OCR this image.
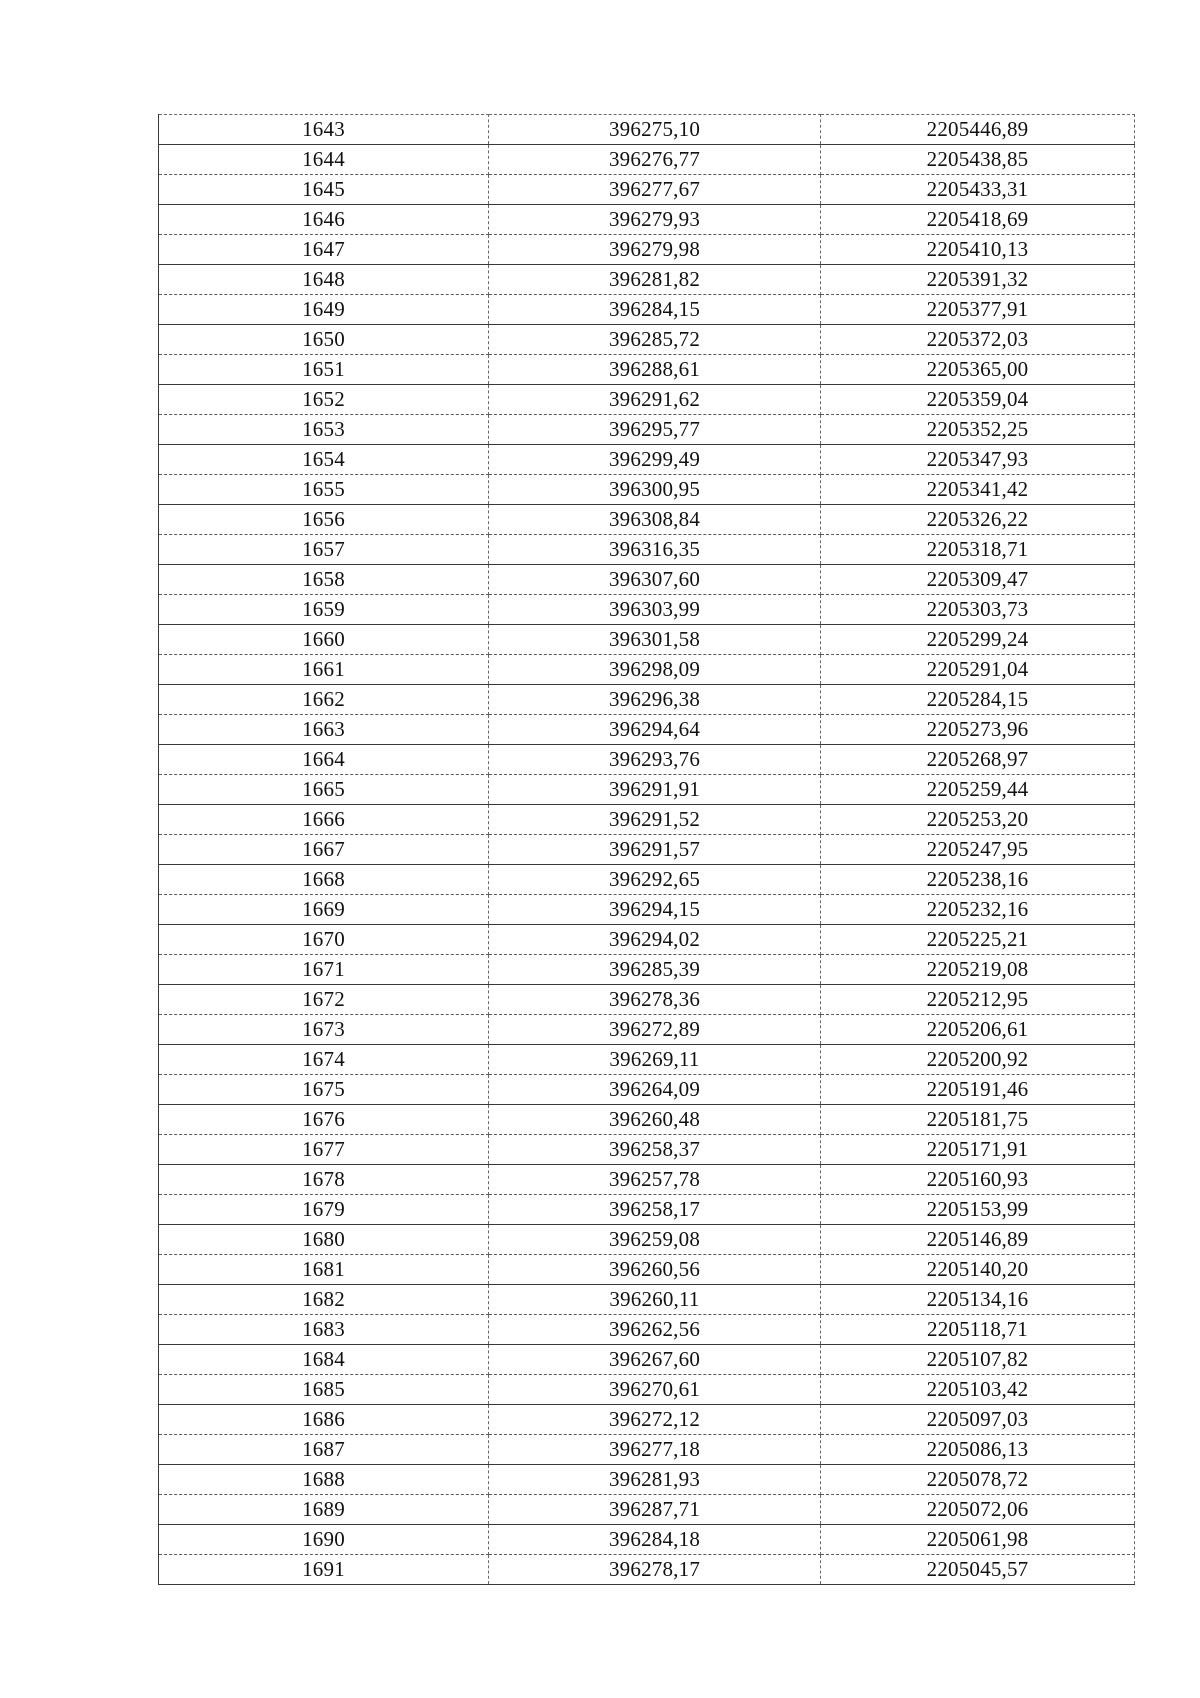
1643	396275,10	2205446,89
1644	396276,77	2205438,85
1645	396277,67	2205433,31
1646	396279,93	2205418,69
1647	396279,98	2205410,13
1648	396281,82	2205391,32
1649	396284,15	2205377,91
1650	396285,72	2205372,03
1651	396288,61	2205365,00
1652	396291,62	2205359,04
1653	396295,77	2205352,25
1654	396299,49	2205347,93
1655	396300,95	2205341,42
1656	396308,84	2205326,22
1657	396316,35	2205318,71
1658	396307,60	2205309,47
1659	396303,99	2205303,73
1660	396301,58	2205299,24
1661	396298,09	2205291,04
1662	396296,38	2205284,15
1663	396294,64	2205273,96
1664	396293,76	2205268,97
1665	396291,91	2205259,44
1666	396291,52	2205253,20
1667	396291,57	2205247,95
1668	396292,65	2205238,16
1669	396294,15	2205232,16
1670	396294,02	2205225,21
1671	396285,39	2205219,08
1672	396278,36	2205212,95
1673	396272,89	2205206,61
1674	396269,11	2205200,92
1675	396264,09	2205191,46
1676	396260,48	2205181,75
1677	396258,37	2205171,91
1678	396257,78	2205160,93
1679	396258,17	2205153,99
1680	396259,08	2205146,89
1681	396260,56	2205140,20
1682	396260,11	2205134,16
1683	396262,56	2205118,71
1684	396267,60	2205107,82
1685	396270,61	2205103,42
1686	396272,12	2205097,03
1687	396277,18	2205086,13
1688	396281,93	2205078,72
1689	396287,71	2205072,06
1690	396284,18	2205061,98
1691	396278,17	2205045,57
